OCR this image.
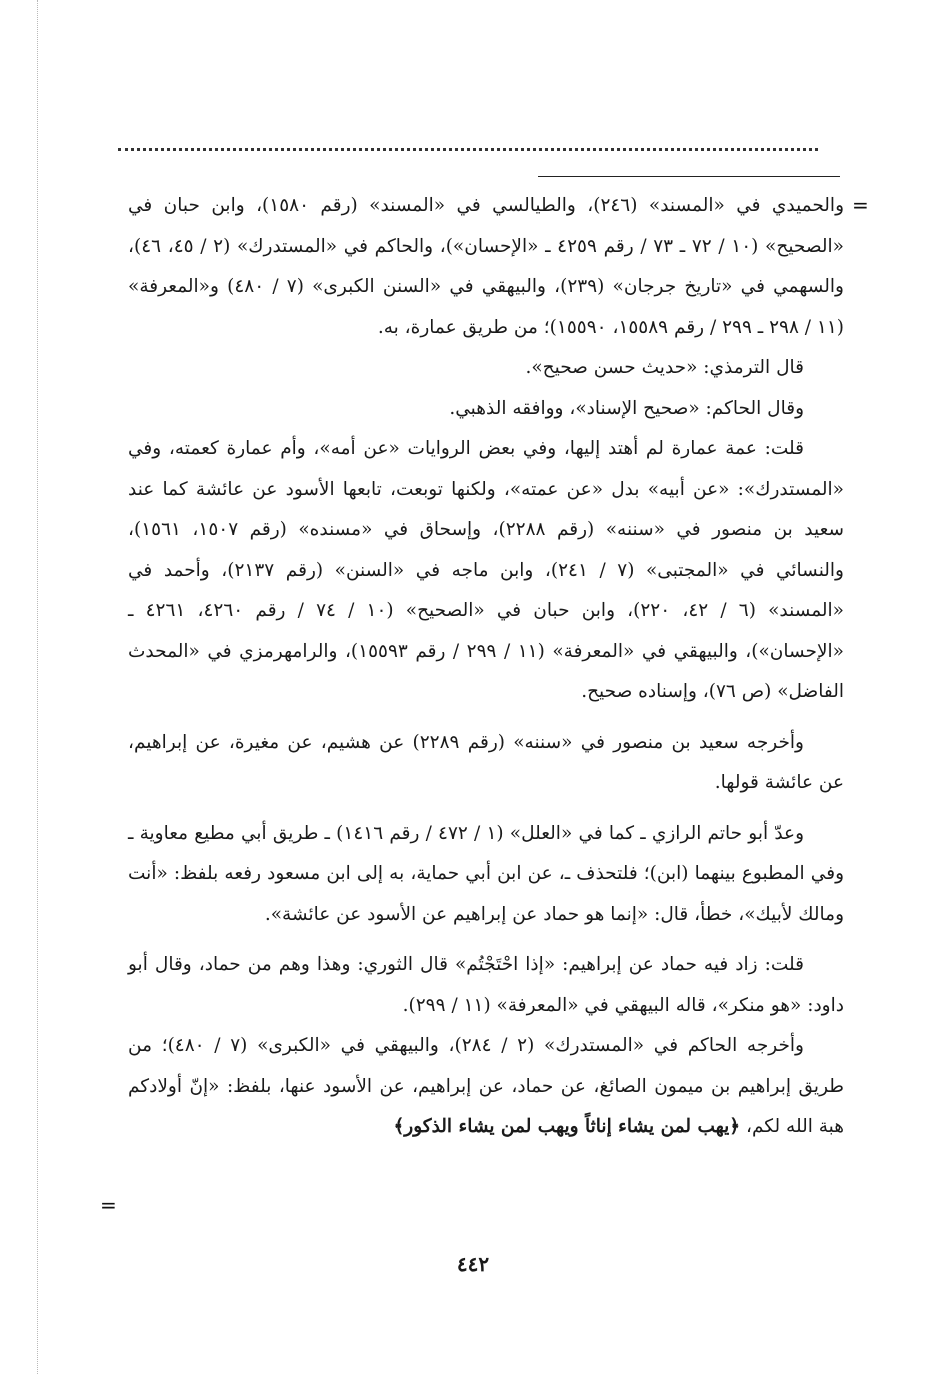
=

والحميدي في «المسند» (٢٤٦)، والطيالسي في «المسند» (رقم ١٥٨٠)، وابن حبان في «الصحيح» (١٠ / ٧٢ ـ ٧٣ / رقم ٤٢٥٩ ـ «الإحسان»)، والحاكم في «المستدرك» (٢ / ٤٥، ٤٦)، والسهمي في «تاريخ جرجان» (٢٣٩)، والبيهقي في «السنن الكبرى» (٧ / ٤٨٠) و«المعرفة» (١١ / ٢٩٨ ـ ٢٩٩ / رقم ١٥٥٨٩، ١٥٥٩٠)؛ من طريق عمارة، به.

قال الترمذي: «حديث حسن صحيح».

وقال الحاكم: «صحيح الإسناد»، ووافقه الذهبي.

قلت: عمة عمارة لم أهتد إليها، وفي بعض الروايات «عن أمه»، وأم عمارة كعمته، وفي «المستدرك»: «عن أبيه» بدل «عن عمته»، ولكنها توبعت، تابعها الأسود عن عائشة كما عند سعيد بن منصور في «سننه» (رقم ٢٢٨٨)، وإسحاق في «مسنده» (رقم ١٥٠٧، ١٥٦١)، والنسائي في «المجتبى» (٧ / ٢٤١)، وابن ماجه في «السنن» (رقم ٢١٣٧)، وأحمد في «المسند» (٦ / ٤٢، ٢٢٠)، وابن حبان في «الصحيح» (١٠ / ٧٤ / رقم ٤٢٦٠، ٤٢٦١ ـ «الإحسان»)، والبيهقي في «المعرفة» (١١ / ٢٩٩ / رقم ١٥٥٩٣)، والرامهرمزي في «المحدث الفاضل» (ص ٧٦)، وإسناده صحيح.

وأخرجه سعيد بن منصور في «سننه» (رقم ٢٢٨٩) عن هشيم، عن مغيرة، عن إبراهيم، عن عائشة قولها.

وعدّ أبو حاتم الرازي ـ كما في «العلل» (١ / ٤٧٢ / رقم ١٤١٦) ـ طريق أبي مطيع معاوية ـ وفي المطبوع بينهما (ابن)؛ فلتحذف ـ، عن ابن أبي حماية، به إلى ابن مسعود رفعه بلفظ: «أنت ومالك لأبيك»، خطأ، قال: «إنما هو حماد عن إبراهيم عن الأسود عن عائشة».

قلت: زاد فيه حماد عن إبراهيم: «إذا احْتَجْتُم» قال الثوري: وهذا وهم من حماد، وقال أبو داود: «هو منكر»، قاله البيهقي في «المعرفة» (١١ / ٢٩٩).

وأخرجه الحاكم في «المستدرك» (٢ / ٢٨٤)، والبيهقي في «الكبرى» (٧ / ٤٨٠)؛ من طريق إبراهيم بن ميمون الصائغ، عن حماد، عن إبراهيم، عن الأسود عنها، بلفظ: «إنّ أولادكم هبة الله لكم، ﴿يهب لمن يشاء إناثاً ويهب لمن يشاء الذكور﴾

=
٤٤٢
